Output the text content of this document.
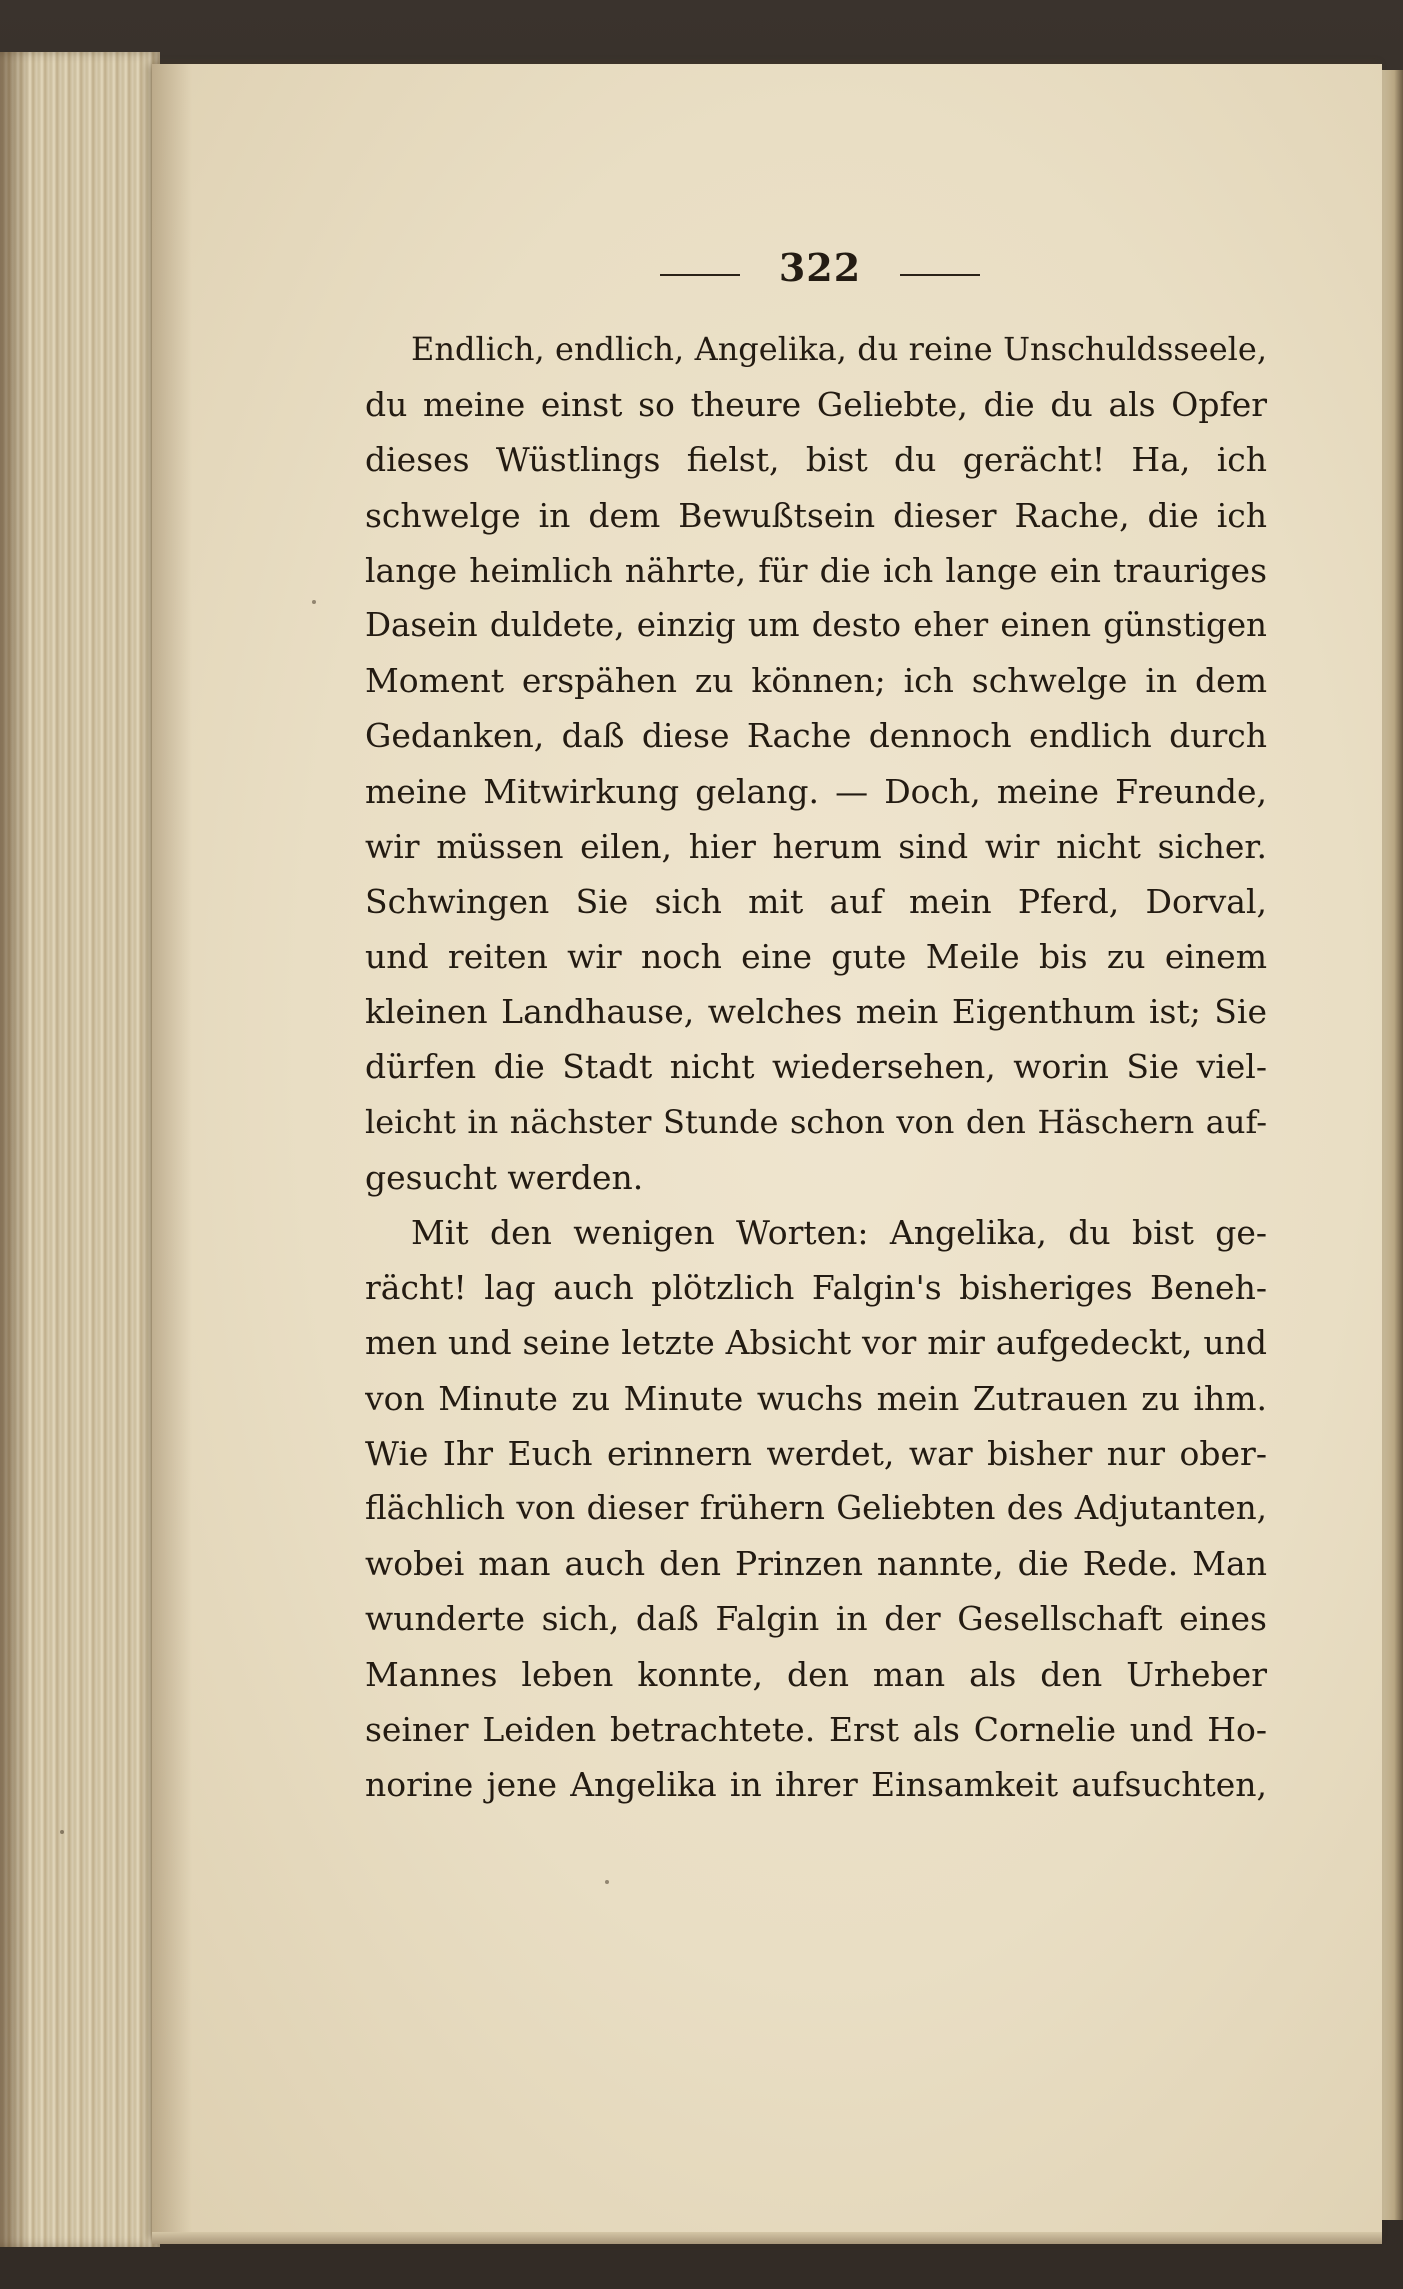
322
Endlich, endlich, Angelika, du reine Unschuldsseele,
du meine einst so theure Geliebte, die du als Opfer
dieses Wüstlings fielst, bist du gerächt! Ha, ich
schwelge in dem Bewußtsein dieser Rache, die ich
lange heimlich nährte, für die ich lange ein trauriges
Dasein duldete, einzig um desto eher einen günstigen
Moment erspähen zu können; ich schwelge in dem
Gedanken, daß diese Rache dennoch endlich durch
meine Mitwirkung gelang. — Doch, meine Freunde,
wir müssen eilen, hier herum sind wir nicht sicher.
Schwingen Sie sich mit auf mein Pferd, Dorval,
und reiten wir noch eine gute Meile bis zu einem
kleinen Landhause, welches mein Eigenthum ist; Sie
dürfen die Stadt nicht wiedersehen, worin Sie viel-
leicht in nächster Stunde schon von den Häschern auf-
gesucht werden.
Mit den wenigen Worten: Angelika, du bist ge-
rächt! lag auch plötzlich Falgin's bisheriges Beneh-
men und seine letzte Absicht vor mir aufgedeckt, und
von Minute zu Minute wuchs mein Zutrauen zu ihm.
Wie Ihr Euch erinnern werdet, war bisher nur ober-
flächlich von dieser frühern Geliebten des Adjutanten,
wobei man auch den Prinzen nannte, die Rede. Man
wunderte sich, daß Falgin in der Gesellschaft eines
Mannes leben konnte, den man als den Urheber
seiner Leiden betrachtete. Erst als Cornelie und Ho-
norine jene Angelika in ihrer Einsamkeit aufsuchten,
